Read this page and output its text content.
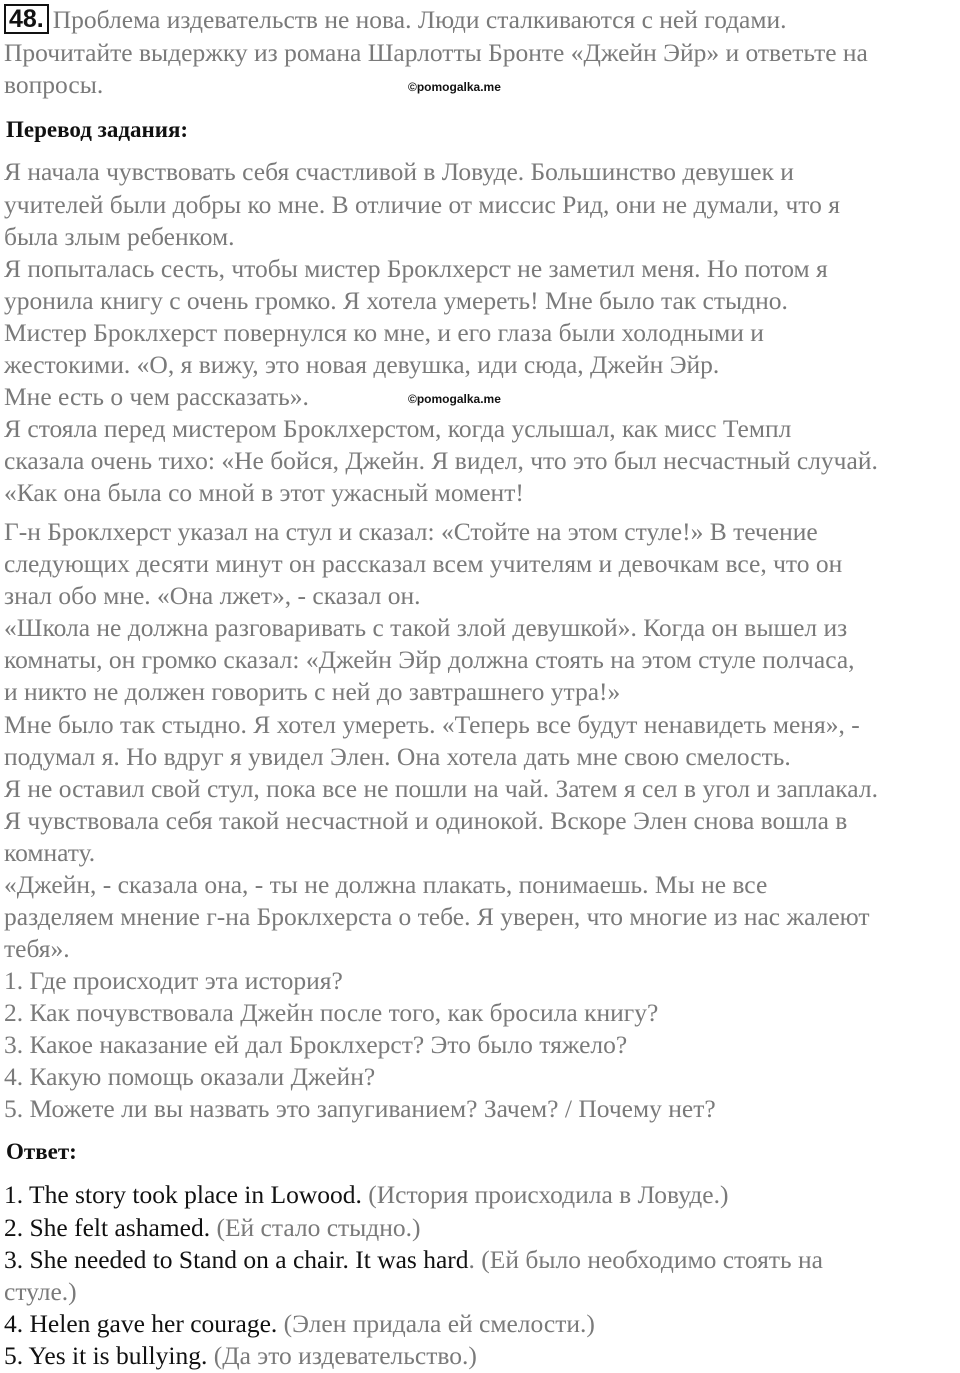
48. Проблема издевательств не нова. Люди сталкиваются с ней годами.

Прочитайте выдержку из романа Шарлотты Бронте «Джейн Эйр» и ответьте на

вопросы.	©pomogalka.me

Перевод задания:

Я начала чувствовать себя счастливой в Ловуде. Большинство девушек и

учителей были добры ко мне. В отличие от миссис Рид, они не думали, что я

была злым ребенком.

Я попыталась сесть, чтобы мистер Броклхерст не заметил меня. Но потом я

уронила книгу с очень громко. Я хотела умереть! Мне было так стыдно.

Мистер Броклхерст повернулся ко мне, и его глаза были холодными и

жестокими. «О, я вижу, это новая девушка, иди сюда, Джейн Эйр.

Мне есть о чем рассказать».	©pomogalka.me

Я стояла перед мистером Броклхерстом, когда услышал, как мисс Темпл

сказала очень тихо: «Не бойся, Джейн. Я видел, что это был несчастный случай.

«Как она была со мной в этот ужасный момент!

Г-н Броклхерст указал на стул и сказал: «Стойте на этом стуле!» В течение

следующих десяти минут он рассказал всем учителям и девочкам все, что он

знал обо мне. «Она лжет», - сказал он.

«Школа не должна разговаривать с такой злой девушкой». Когда он вышел из

комнаты, он громко сказал: «Джейн Эйр должна стоять на этом стуле полчаса,

и никто не должен говорить с ней до завтрашнего утра!»

Мне было так стыдно. Я хотел умереть. «Теперь все будут ненавидеть меня», -

подумал я. Но вдруг я увидел Элен. Она хотела дать мне свою смелость.

Я не оставил свой стул, пока все не пошли на чай. Затем я сел в угол и заплакал.

Я чувствовала себя такой несчастной и одинокой. Вскоре Элен снова вошла в

комнату.

«Джейн, - сказала она, - ты не должна плакать, понимаешь. Мы не все

разделяем мнение г-на Броклхерста о тебе. Я уверен, что многие из нас жалеют

тебя».

1. Где происходит эта история?

2. Как почувствовала Джейн после того, как бросила книгу?

3. Какое наказание ей дал Броклхерст? Это было тяжело?

4. Какую помощь оказали Джейн?

5. Можете ли вы назвать это запугиванием? Зачем? / Почему нет?

Ответ:

1. The story took place in Lowood. (История происходила в Ловуде.)

2. She felt ashamed. (Ей стало стыдно.)

3. She needed to Stand on a chair. It was hard. (Ей было необходимо стоять на

стуле.)

4. Helen gave her courage. (Элен придала ей смелости.)

5. Yes it is bullying. (Да это издевательство.)
